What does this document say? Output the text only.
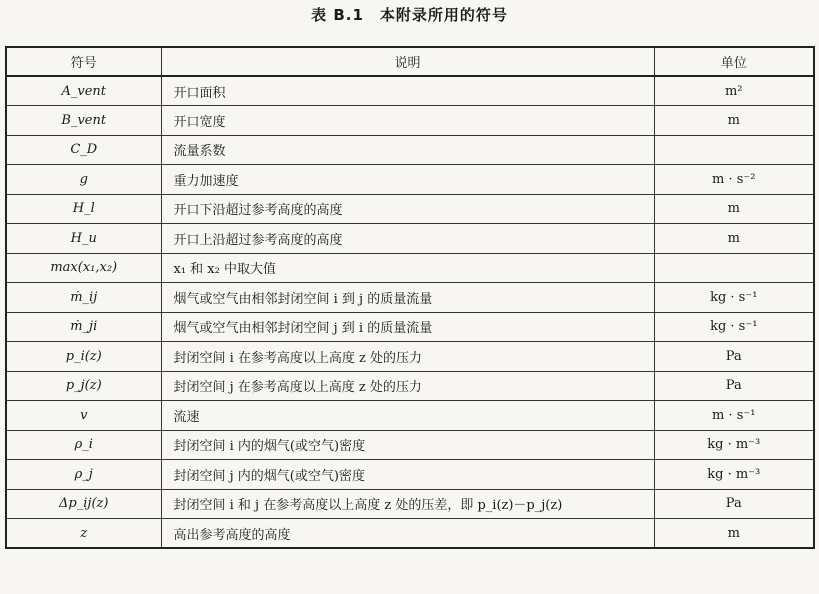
表 B.1　本附录所用的符号
符号	说明	单位
A_vent	开口面积	m²
B_vent	开口宽度	m
C_D	流量系数	
g	重力加速度	m · s⁻²
H_l	开口下沿超过参考高度的高度	m
H_u	开口上沿超过参考高度的高度	m
max(x₁,x₂)	x₁ 和 x₂ 中取大值	
ṁ_ij	烟气或空气由相邻封闭空间 i 到 j 的质量流量	kg · s⁻¹
ṁ_ji	烟气或空气由相邻封闭空间 j 到 i 的质量流量	kg · s⁻¹
p_i(z)	封闭空间 i 在参考高度以上高度 z 处的压力	Pa
p_j(z)	封闭空间 j 在参考高度以上高度 z 处的压力	Pa
v	流速	m · s⁻¹
ρ_i	封闭空间 i 内的烟气(或空气)密度	kg · m⁻³
ρ_j	封闭空间 j 内的烟气(或空气)密度	kg · m⁻³
Δp_ij(z)	封闭空间 i 和 j 在参考高度以上高度 z 处的压差，即 p_i(z)－p_j(z)	Pa
z	高出参考高度的高度	m
